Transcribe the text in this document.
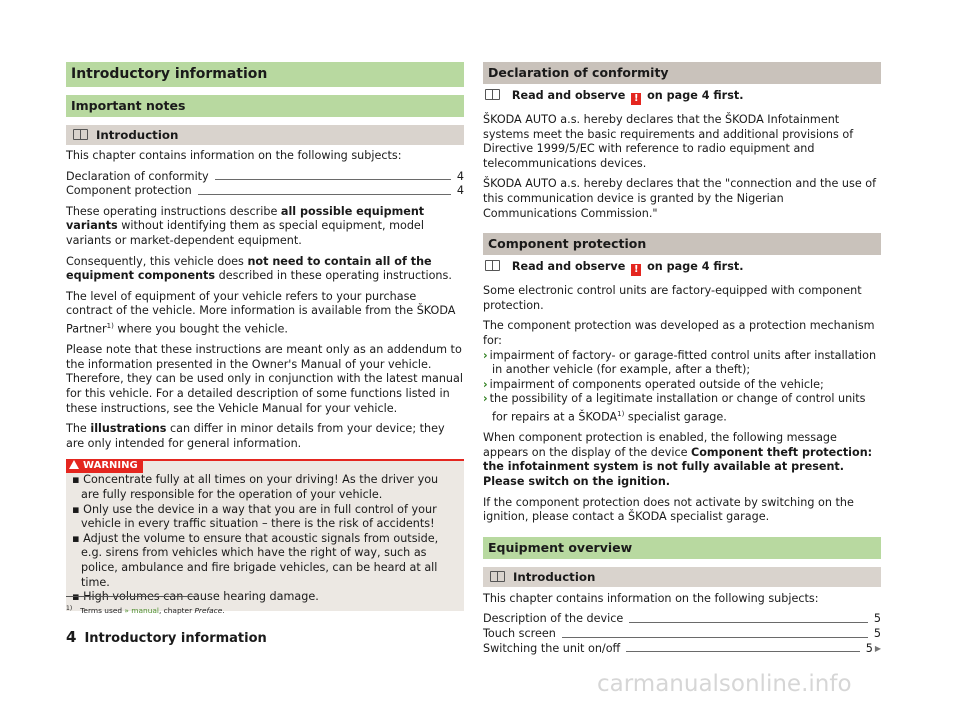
Introductory information
Important notes
Introduction

This chapter contains information on the following subjects:

Declaration of conformity	4
Component protection	4

These operating instructions describe all possible equipment variants without identifying them as special equipment, model variants or market-dependent equipment.

Consequently, this vehicle does not need to contain all of the equipment components described in these operating instructions.

The level of equipment of your vehicle refers to your purchase contract of the vehicle. More information is available from the ŠKODA Partner$^{1)}$ where you bought the vehicle.

Please note that these instructions are meant only as an addendum to the information presented in the Owner's Manual of your vehicle. Therefore, they can be used only in conjunction with the latest manual for this vehicle. For a detailed description of some functions listed in these instructions, see the Vehicle Manual for your vehicle.

The illustrations can differ in minor details from your device; they are only intended for general information.

WARNING

▪ Concentrate fully at all times on your driving! As the driver you are fully responsible for the operation of your vehicle.

▪ Only use the device in a way that you are in full control of your vehicle in every traffic situation – there is the risk of accidents!

▪ Adjust the volume to ensure that acoustic signals from outside, e.g. sirens from vehicles which have the right of way, such as police, ambulance and fire brigade vehicles, can be heard at all time.

▪ High volumes can cause hearing damage.

Declaration of conformity

Read and observe ! on page 4 first.

ŠKODA AUTO a.s. hereby declares that the ŠKODA Infotainment systems meet the basic requirements and additional provisions of Directive 1999/5/EC with reference to radio equipment and telecommunications devices.

ŠKODA AUTO a.s. hereby declares that the "connection and the use of this communication device is granted by the Nigerian Communications Commission."

Component protection

Read and observe ! on page 4 first.

Some electronic control units are factory-equipped with component protection.

The component protection was developed as a protection mechanism for:

› impairment of factory- or garage-fitted control units after installation in another vehicle (for example, after a theft);

› impairment of components operated outside of the vehicle;

› the possibility of a legitimate installation or change of control units for repairs at a ŠKODA$^{1)}$ specialist garage.

When component protection is enabled, the following message appears on the display of the device Component theft protection: the infotainment system is not fully available at present. Please switch on the ignition.

If the component protection does not activate by switching on the ignition, please contact a ŠKODA specialist garage.

Equipment overview
Introduction

This chapter contains information on the following subjects:

Description of the device	5
Touch screen	5
Switching the unit on/off	5 ▶
$^{1)}$ Terms used » manual, chapter Preface.
4 Introductory information
carmanualsonline.info
